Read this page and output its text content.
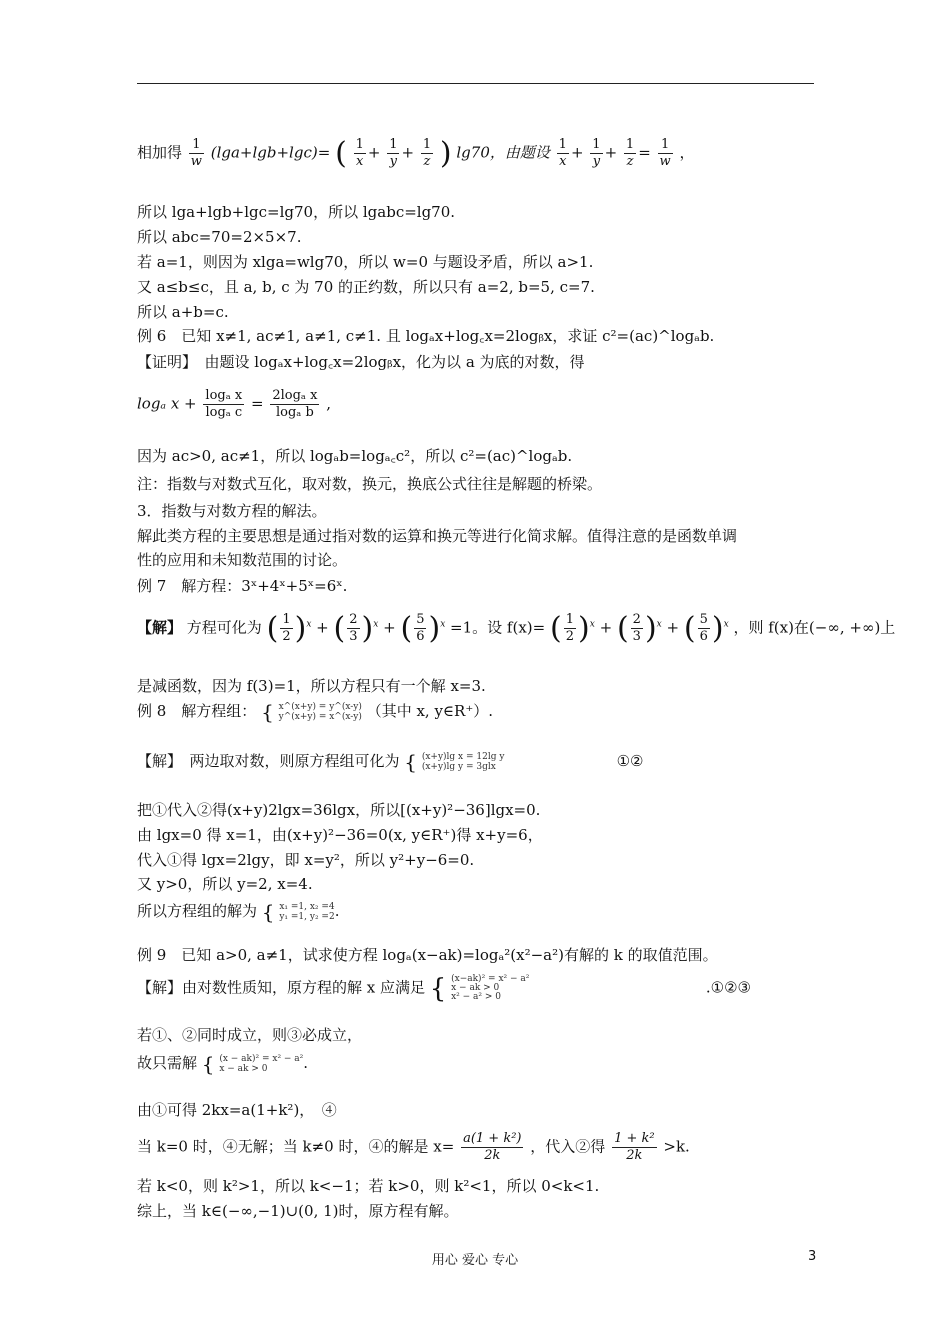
相加得 $\frac{1}{w} (\lg a+\lg b+\lg c)=$ ( $\frac{1}{x} + \frac{1}{y} + \frac{1}{z}$ ) lg70，由题设 $\frac{1}{x} + \frac{1}{y} + \frac{1}{z} = \frac{1}{w}$ ，
所以 lga+lgb+lgc=lg70，所以 lgabc=lg70.
所以 abc=70=2×5×7.
若 a=1，则因为 xlga=wlg70，所以 w=0 与题设矛盾，所以 a>1.
又 a≤b≤c，且 a, b, c 为 70 的正约数，所以只有 a=2, b=5, c=7.
所以 a+b=c.
例 6　已知 x≠1, ac≠1, a≠1, c≠1. 且 logₐx+log꜀x=2logᵦx，求证 c²=(ac)^logₐb.
【证明】　由题设 logₐx+log꜀x=2logᵦx，化为以 a 为底的对数，得
logₐ $x + \frac{\text{logₐ x}}{\text{logₐ c}} = \frac{\text{2logₐ x}}{\text{logₐ b}}$ ,
因为 ac>0, ac≠1，所以 logₐb=logₐ꜀c²，所以 c²=(ac)^logₐb.
注：指数与对数式互化，取对数，换元，换底公式往往是解题的桥梁。
3．指数与对数方程的解法。
解此类方程的主要思想是通过指对数的运算和换元等进行化简求解。值得注意的是函数单调
性的应用和未知数范围的讨论。
例 7　解方程：3ˣ+4ˣ+5ˣ=6ˣ.
【解】 方程可化为 ( $\frac{1}{2} )^x$ + ( $\frac{2}{3} )^x$ + ( $\frac{5}{6} )^x =1$。设 f(x)= ( $\frac{1}{2} )^x$ + ( $\frac{2}{3} )^x$ + ( $\frac{5}{6} )^x$ ，则 f(x)在(−∞, +∞)上
是减函数，因为 f(3)=1，所以方程只有一个解 x=3.
例 8　解方程组： { x^(x+y) = y^(x-y)
y^(x+y) = x^(x-y) （其中 x, y∈R⁺）.
【解】　两边取对数，则原方程组可化为 { (x+y)lg x = 12lg y
(x+y)lg y = 3glx	①②
把①代入②得(x+y)2lgx=36lgx，所以[(x+y)²−36]lgx=0.
由 lgx=0 得 x=1，由(x+y)²−36=0(x, y∈R⁺)得 x+y=6，
代入①得 lgx=2lgy，即 x=y²，所以 y²+y−6=0.
又 y>0，所以 y=2, x=4.
所以方程组的解为 { x₁ =1, x₂ =4
y₁ =1, y₂ =2 .
例 9　已知 a>0, a≠1，试求使方程 logₐ(x−ak)=logₐ²(x²−a²)有解的 k 的取值范围。
【解】由对数性质知，原方程的解 x 应满足 { (x−ak)² = x² − a²
x − ak > 0
x² − a² > 0
.①②③
若①、②同时成立，则③必成立，
故只需解 { (x − ak)² = x² − a²
x − ak > 0	.
由①可得 2kx=a(1+k²)，　④
当 k=0 时，④无解；当 k≠0 时，④的解是 $x= \frac{\text{a(1 + k²)}}{2k}$ ，代入②得 $\frac{\text{1 + k²}}{2k} >k$.
若 k<0，则 k²>1，所以 k<−1；若 k>0，则 k²<1，所以 0<k<1.
综上，当 k∈(−∞,−1)∪(0, 1)时，原方程有解。
用心 爱心 专心	3
